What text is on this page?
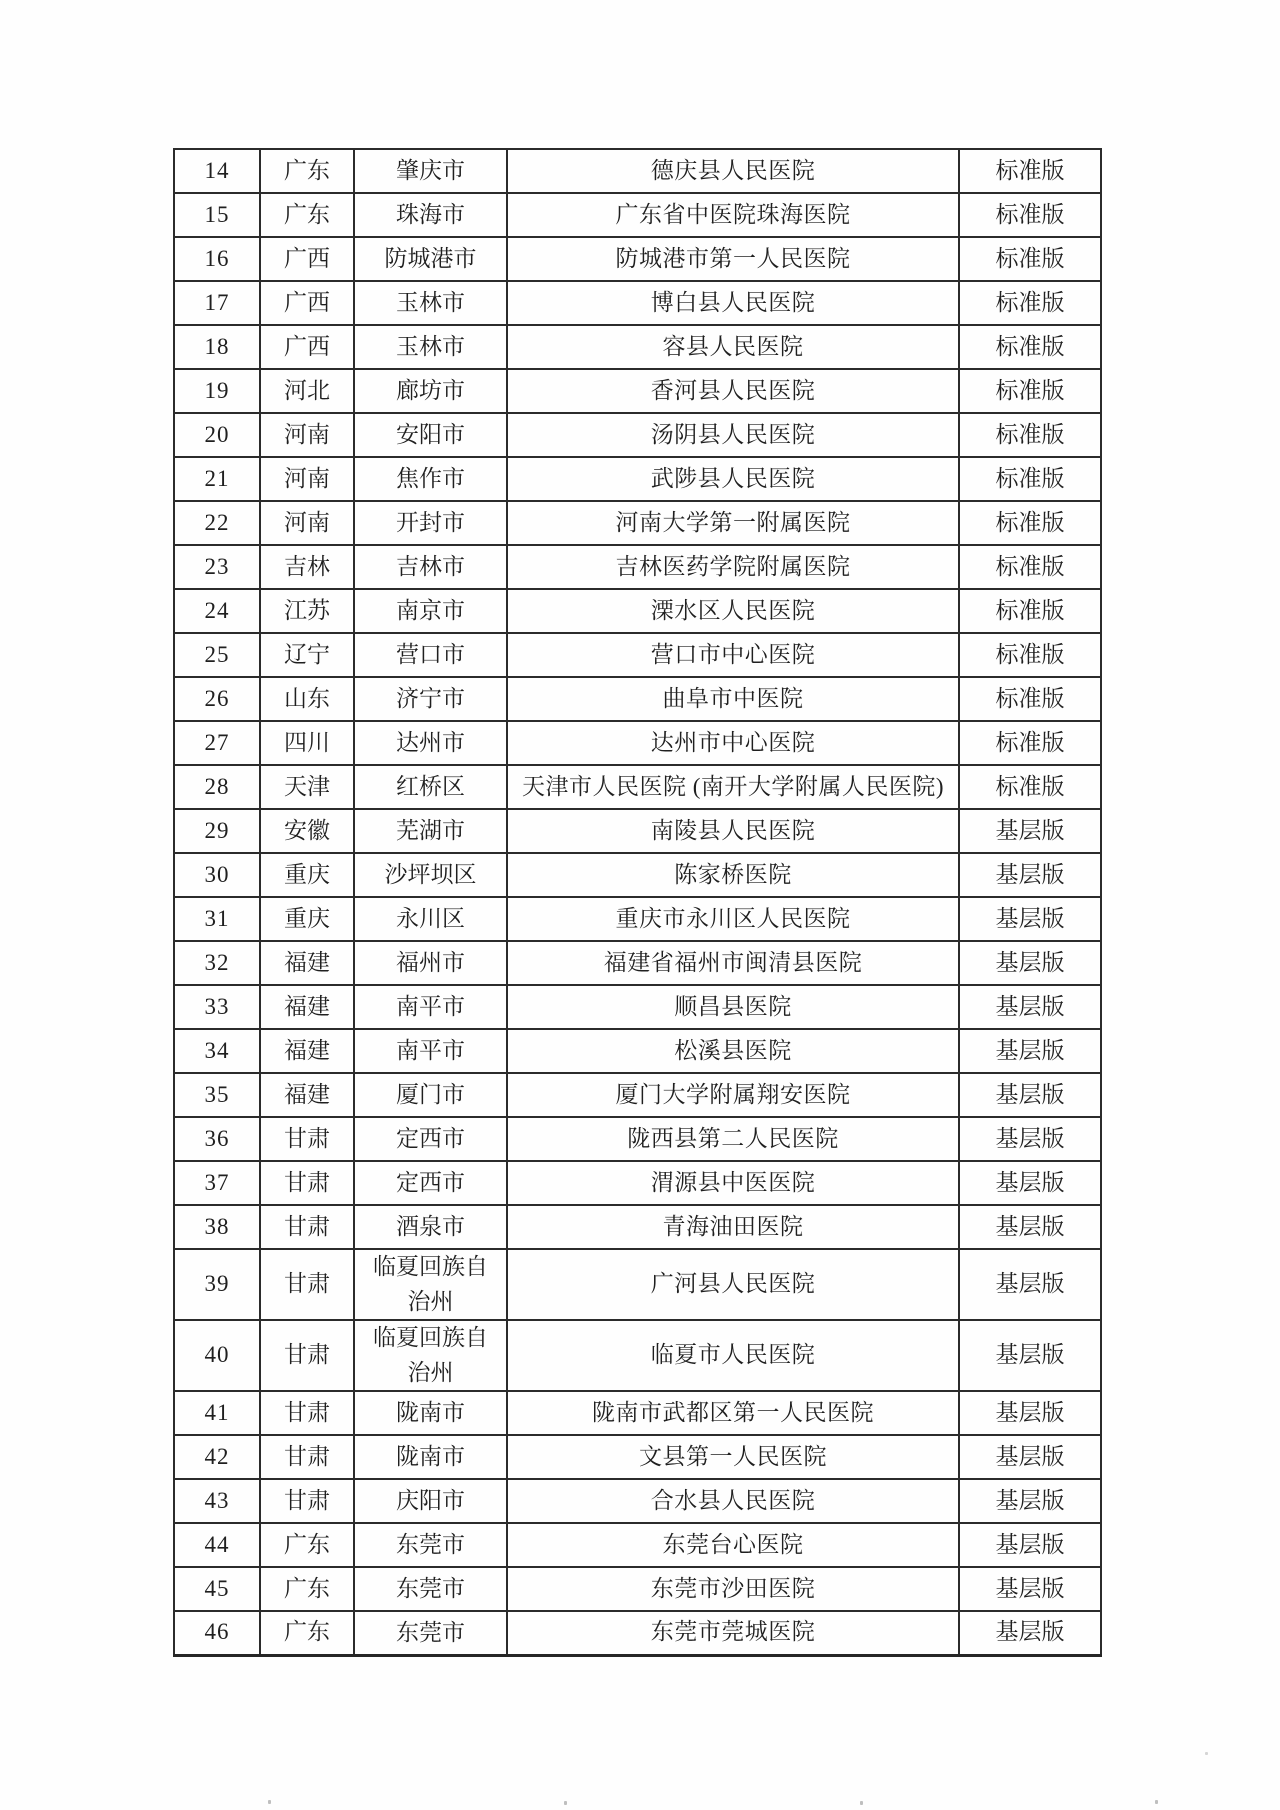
14	广东	肇庆市	德庆县人民医院	标准版
15	广东	珠海市	广东省中医院珠海医院	标准版
16	广西	防城港市	防城港市第一人民医院	标准版
17	广西	玉林市	博白县人民医院	标准版
18	广西	玉林市	容县人民医院	标准版
19	河北	廊坊市	香河县人民医院	标准版
20	河南	安阳市	汤阴县人民医院	标准版
21	河南	焦作市	武陟县人民医院	标准版
22	河南	开封市	河南大学第一附属医院	标准版
23	吉林	吉林市	吉林医药学院附属医院	标准版
24	江苏	南京市	溧水区人民医院	标准版
25	辽宁	营口市	营口市中心医院	标准版
26	山东	济宁市	曲阜市中医院	标准版
27	四川	达州市	达州市中心医院	标准版
28	天津	红桥区	天津市人民医院 (南开大学附属人民医院)	标准版
29	安徽	芜湖市	南陵县人民医院	基层版
30	重庆	沙坪坝区	陈家桥医院	基层版
31	重庆	永川区	重庆市永川区人民医院	基层版
32	福建	福州市	福建省福州市闽清县医院	基层版
33	福建	南平市	顺昌县医院	基层版
34	福建	南平市	松溪县医院	基层版
35	福建	厦门市	厦门大学附属翔安医院	基层版
36	甘肃	定西市	陇西县第二人民医院	基层版
37	甘肃	定西市	渭源县中医医院	基层版
38	甘肃	酒泉市	青海油田医院	基层版
39	甘肃	临夏回族自治州	广河县人民医院	基层版
40	甘肃	临夏回族自治州	临夏市人民医院	基层版
41	甘肃	陇南市	陇南市武都区第一人民医院	基层版
42	甘肃	陇南市	文县第一人民医院	基层版
43	甘肃	庆阳市	合水县人民医院	基层版
44	广东	东莞市	东莞台心医院	基层版
45	广东	东莞市	东莞市沙田医院	基层版
46	广东	东莞市	东莞市莞城医院	基层版
